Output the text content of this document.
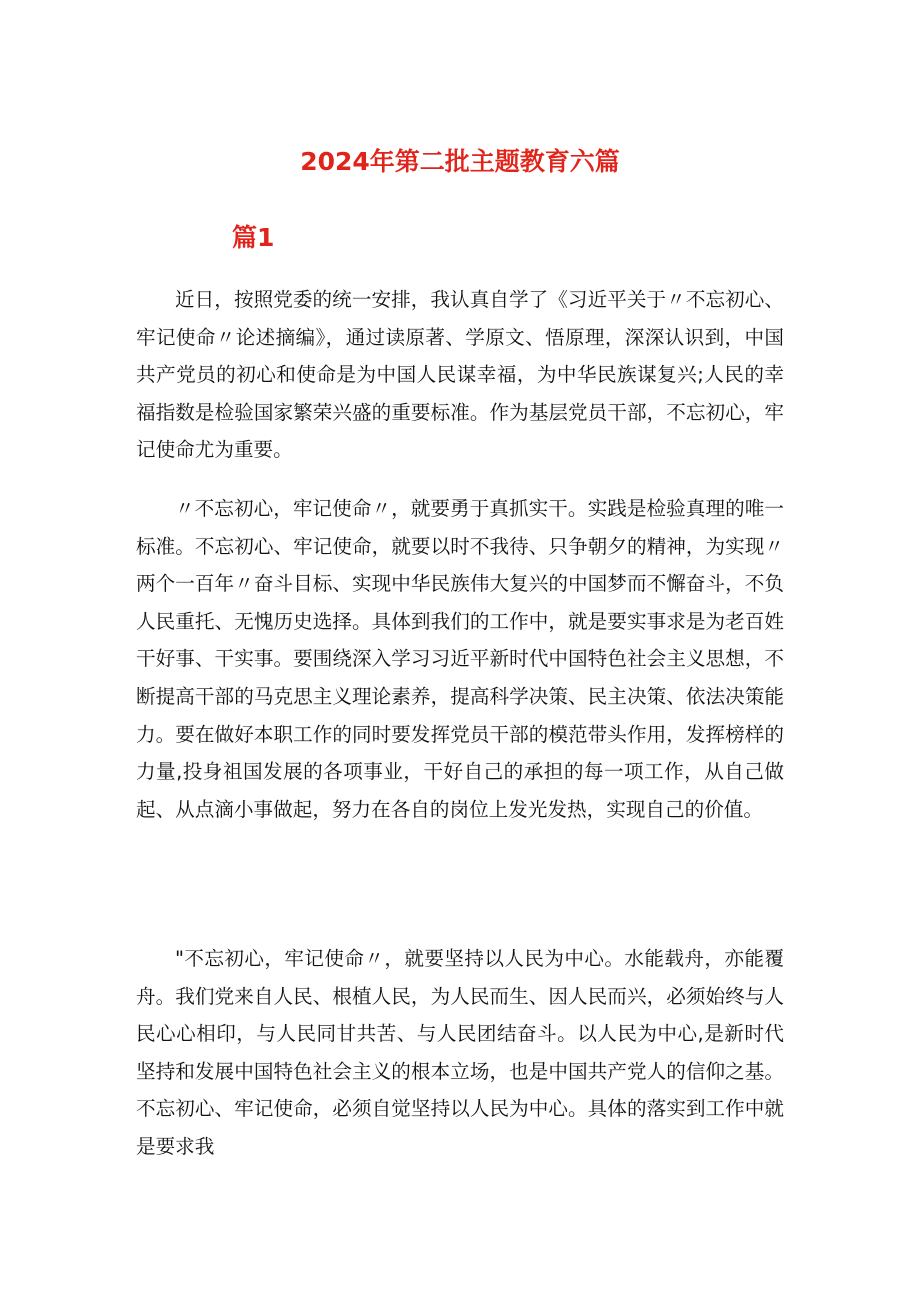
2024年第二批主题教育六篇
篇1

近日，按照党委的统一安排，我认真自学了《习近平关于〃不忘初心、牢记使命〃论述摘编》，通过读原著、学原文、悟原理，深深认识到，中国共产党员的初心和使命是为中国人民谋幸福，为中华民族谋复兴;人民的幸福指数是检验国家繁荣兴盛的重要标准。作为基层党员干部，不忘初心，牢记使命尤为重要。

〃不忘初心，牢记使命〃，就要勇于真抓实干。实践是检验真理的唯一标准。不忘初心、牢记使命，就要以时不我待、只争朝夕的精神，为实现〃两个一百年〃奋斗目标、实现中华民族伟大复兴的中国梦而不懈奋斗，不负人民重托、无愧历史选择。具体到我们的工作中，就是要实事求是为老百姓干好事、干实事。要围绕深入学习习近平新时代中国特色社会主义思想，不断提高干部的马克思主义理论素养，提高科学决策、民主决策、依法决策能力。要在做好本职工作的同时要发挥党员干部的模范带头作用，发挥榜样的力量,投身祖国发展的各项事业，干好自己的承担的每一项工作，从自己做起、从点滴小事做起，努力在各自的岗位上发光发热，实现自己的价值。

"不忘初心，牢记使命〃，就要坚持以人民为中心。水能载舟，亦能覆舟。我们党来自人民、根植人民，为人民而生、因人民而兴，必须始终与人民心心相印，与人民同甘共苦、与人民团结奋斗。以人民为中心,是新时代坚持和发展中国特色社会主义的根本立场，也是中国共产党人的信仰之基。不忘初心、牢记使命，必须自觉坚持以人民为中心。具体的落实到工作中就是要求我
